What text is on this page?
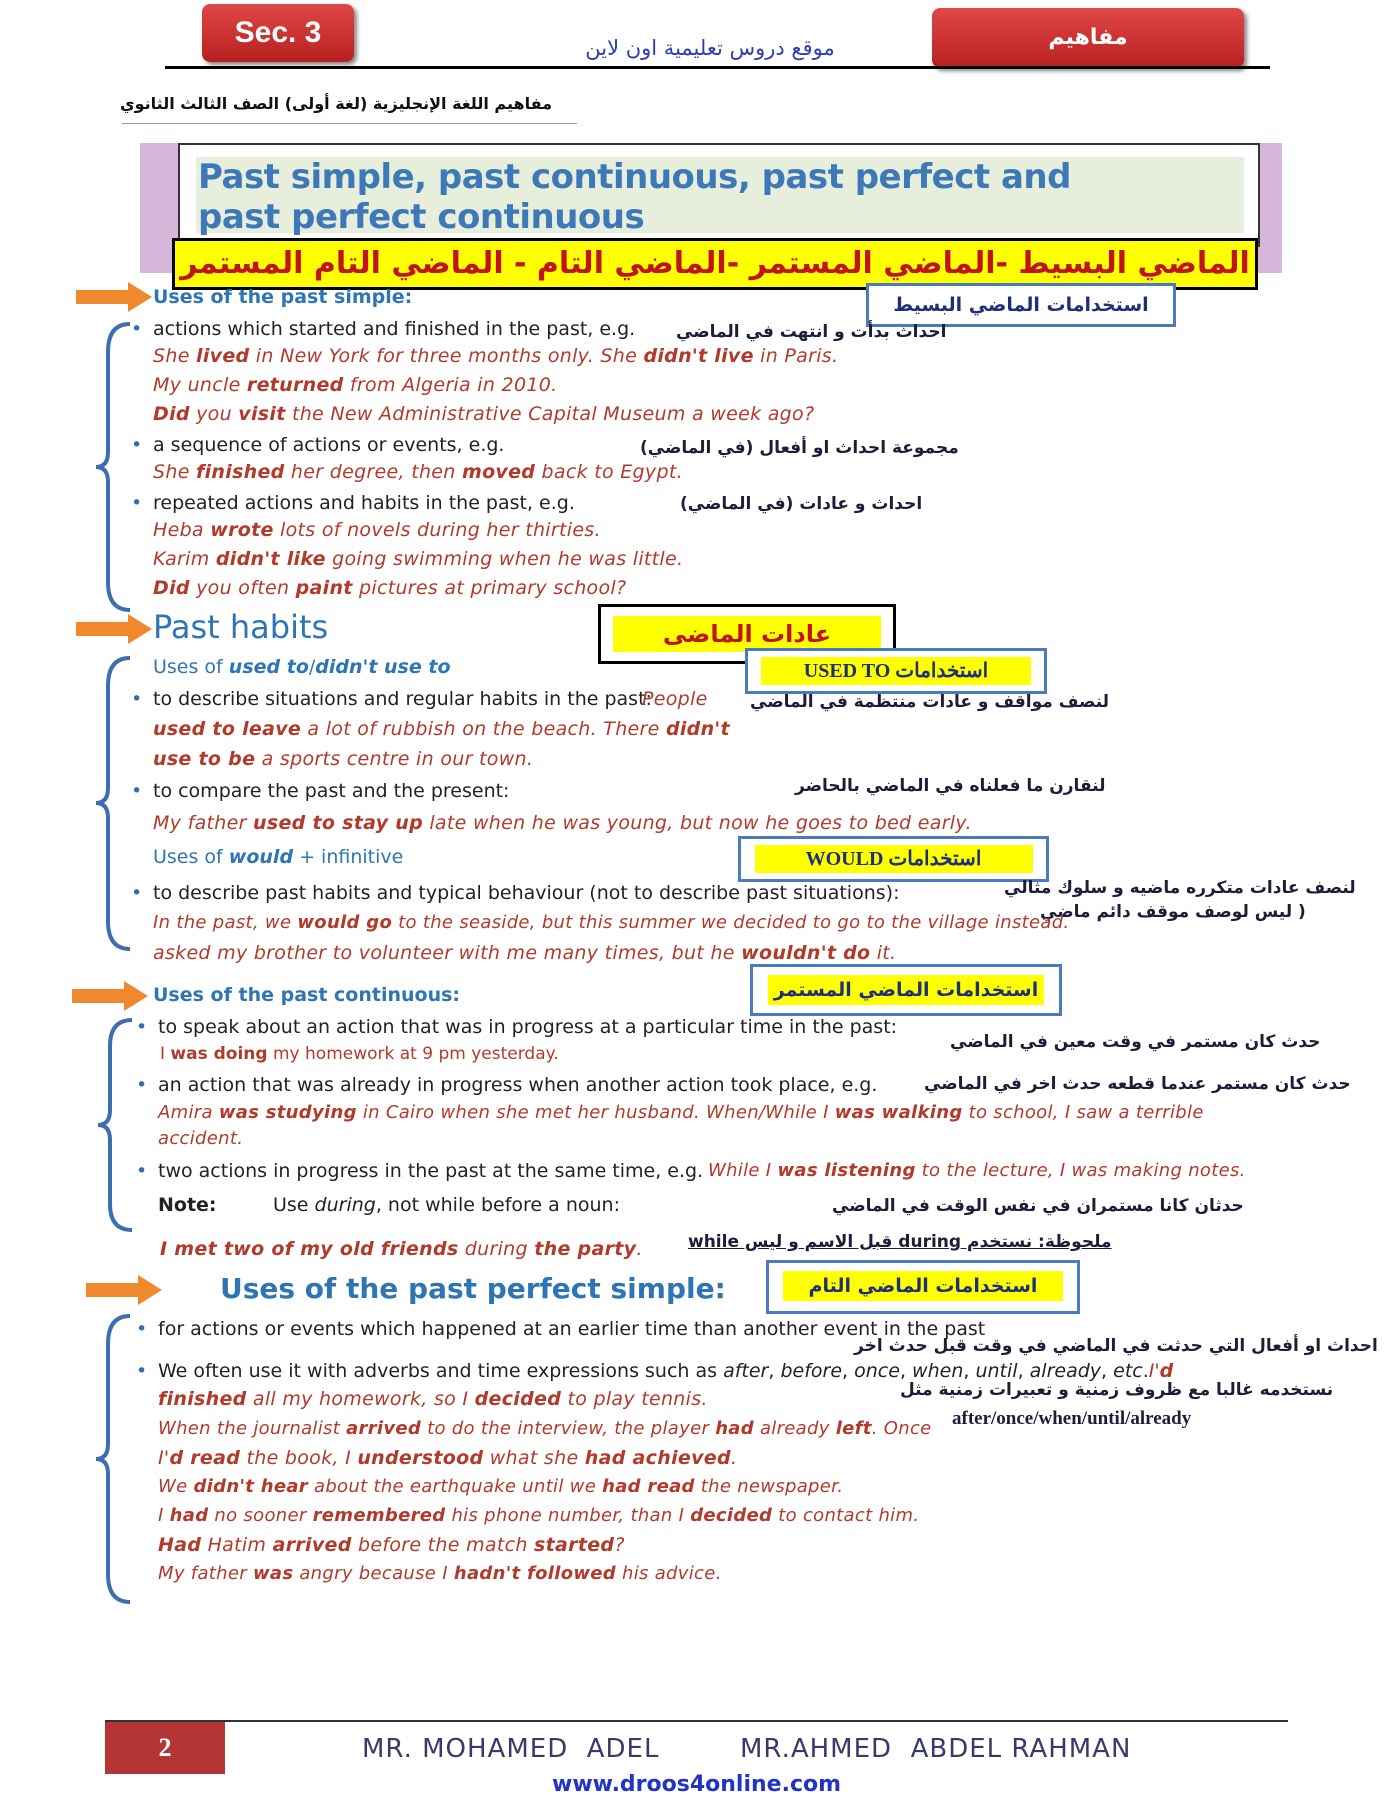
Sec. 3	موقع دروس تعليمية اون لاين	مفاهيم
مفاهيم اللغة الإنجليزية (لغة أولى) الصف الثالث الثانوي
Past simple, past continuous, past perfect and
past perfect continuous
الماضي البسيط -الماضي المستمر -الماضي التام - الماضي التام المستمر
Uses of the past simple:	استخدامات الماضي البسيط
• actions which started and finished in the past, e.g. احداث بدأت و انتهت في الماضي
She lived in New York for three months only. She didn't live in Paris.
My uncle returned from Algeria in 2010.
Did you visit the New Administrative Capital Museum a week ago?
• a sequence of actions or events, e.g.	مجموعة احداث او أفعال (في الماضي)
She finished her degree, then moved back to Egypt.
• repeated actions and habits in the past, e.g.	احداث و عادات (في الماضي)
Heba wrote lots of novels during her thirties.
Karim didn't like going swimming when he was little.
Did you often paint pictures at primary school?
Past habits	عادات الماضى
Uses of used to/didn't use to	USED TO استخدامات
• to describe situations and regular habits in the past:
People لنصف مواقف و عادات منتظمة في الماضي
used to leave a lot of rubbish on the beach. There didn't
use to be a sports centre in our town.
• to compare the past and the present:	لنقارن ما فعلناه في الماضي بالحاضر
My father used to stay up late when he was young, but now he goes to bed early.
Uses of would + infinitive	WOULD استخدامات
• to describe past habits and typical behaviour (not to describe past situations):	لنصف عادات متكرره ماضيه و سلوك مثالي
( ليس لوصف موقف دائم ماضي
In the past, we would go to the seaside, but this summer we decided to go to the village instead.
asked my brother to volunteer with me many times, but he wouldn't do it.
Uses of the past continuous:	استخدامات الماضي المستمر
• to speak about an action that was in progress at a particular time in the past:
حدث كان مستمر في وقت معين في الماضي
I was doing my homework at 9 pm yesterday.
• an action that was already in progress when another action took place, e.g.	حدث كان مستمر عندما قطعه حدث اخر في الماضي
Amira was studying in Cairo when she met her husband. When/While I was walking to school, I saw a terrible
accident.
• two actions in progress in the past at the same time, e.g. While I was listening to the lecture, I was making notes.
Note:	Use during, not while before a noun:	حدثان كانا مستمران في نفس الوقت في الماضي
I met two of my old friends during the party.	ملحوظة: نستخدم during قبل الاسم و ليس while
Uses of the past perfect simple:	استخدامات الماضي التام
• for actions or events which happened at an earlier time than another event in the past
احداث او أفعال التي حدثت في الماضي في وقت قبل حدث اخر
• We often use it with adverbs and time expressions such as after, before, once, when, until, already, etc.I'd
نستخدمه غالبا مع ظروف زمنية و تعبيرات زمنية مثل
after/once/when/until/already
finished all my homework, so I decided to play tennis.
When the journalist arrived to do the interview, the player had already left. Once
I'd read the book, I understood what she had achieved.
We didn't hear about the earthquake until we had read the newspaper.
I had no sooner remembered his phone number, than I decided to contact him.
Had Hatim arrived before the match started?
My father was angry because I hadn't followed his advice.
2	MR. MOHAMED  ADEL	MR.AHMED  ABDEL RAHMAN
www.droos4online.com
